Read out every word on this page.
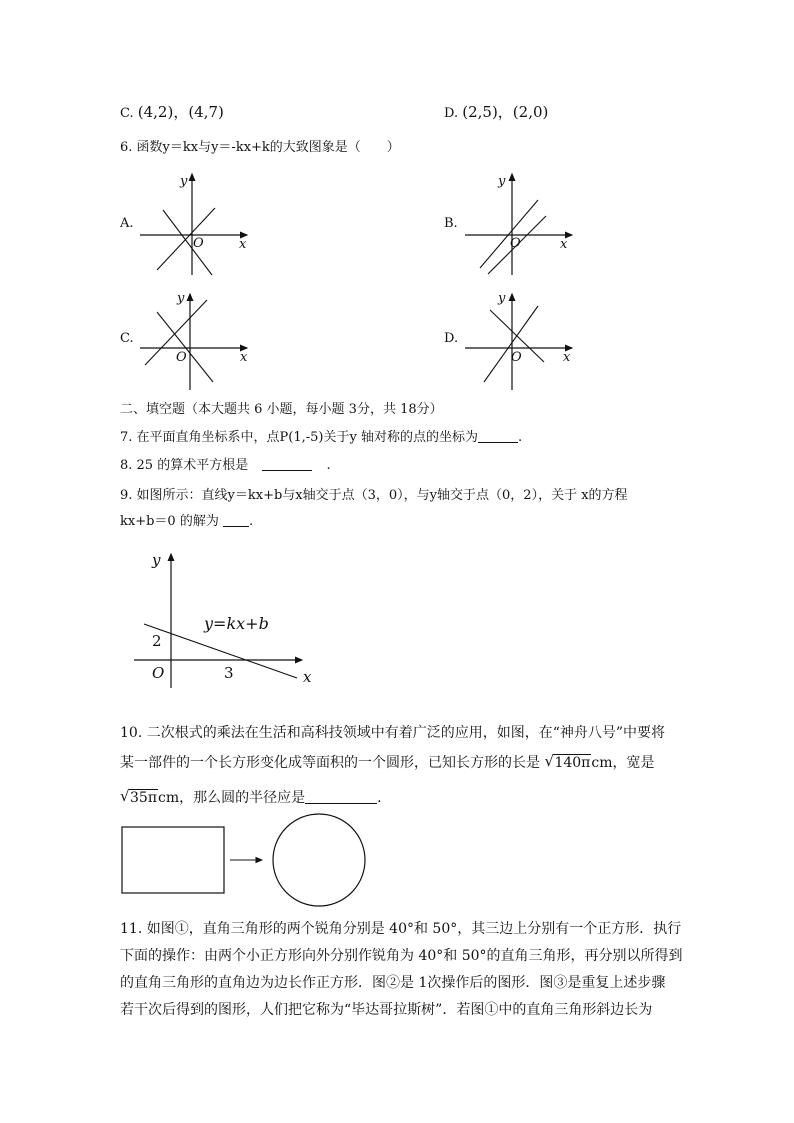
C. (4,2)，(4,7)	D. (2,5)，(2,0)
6. 函数y＝kx与y＝-kx+k的大致图象是（　　）
A.	B.
C.	D.
y
O	x
y
O	x
y
O	x
y
O	x
二、填空题（本大题共 6 小题，每小题 3分，共 18分）
7. 在平面直角坐标系中，点P(1,-5)关于y 轴对称的点的坐标为	.
8. 25 的算术平方根是	.
9. 如图所示：直线y＝kx+b与x轴交于点（3，0），与y轴交于点（0，2），关于 x的方程
kx+b＝0 的解为 .
y
O	x
2
3
y=kx+b
10. 二次根式的乘法在生活和高科技领域中有着广泛的应用，如图，在“神舟八号”中要将
某一部件的一个长方形变化成等面积的一个圆形，已知长方形的长是 √ 140πcm，宽是
√ 35πcm，那么圆的半径应是	.
11. 如图①，直角三角形的两个锐角分别是 40°和 50°，其三边上分别有一个正方形．执行
下面的操作：由两个小正方形向外分别作锐角为 40°和 50°的直角三角形，再分别以所得到
的直角三角形的直角边为边长作正方形．图②是 1次操作后的图形．图③是重复上述步骤
若干次后得到的图形，人们把它称为“毕达哥拉斯树”．若图①中的直角三角形斜边长为
